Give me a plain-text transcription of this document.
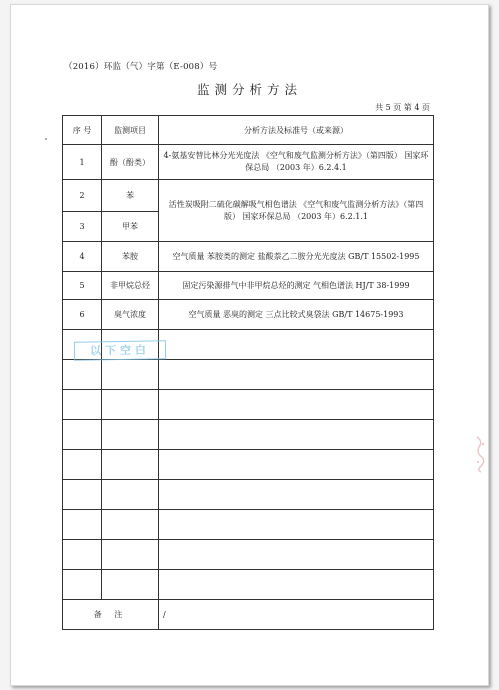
（2016）环监（气）字第（E-008）号
监测分析方法
共 5 页 第 4 页
序 号	监测项目	分析方法及标准号（或来源）
1	酚（酚类）	4-氨基安替比林分光光度法 《空气和废气监测分析方法》（第四版） 国家环保总局 （2003 年）6.2.4.1
2	苯	活性炭吸附二硫化碳解吸气相色谱法 《空气和废气监测分析方法》（第四版） 国家环保总局 （2003 年）6.2.1.1
3	甲苯	
4	苯胺	空气质量 苯胺类的测定 盐酸萘乙二胺分光光度法 GB/T 15502-1995
5	非甲烷总烃	固定污染源排气中非甲烷总烃的测定 气相色谱法 HJ/T 38-1999
6	臭气浓度	空气质量 恶臭的测定 三点比较式臭袋法 GB/T 14675-1993

备 注		/
以下空白
